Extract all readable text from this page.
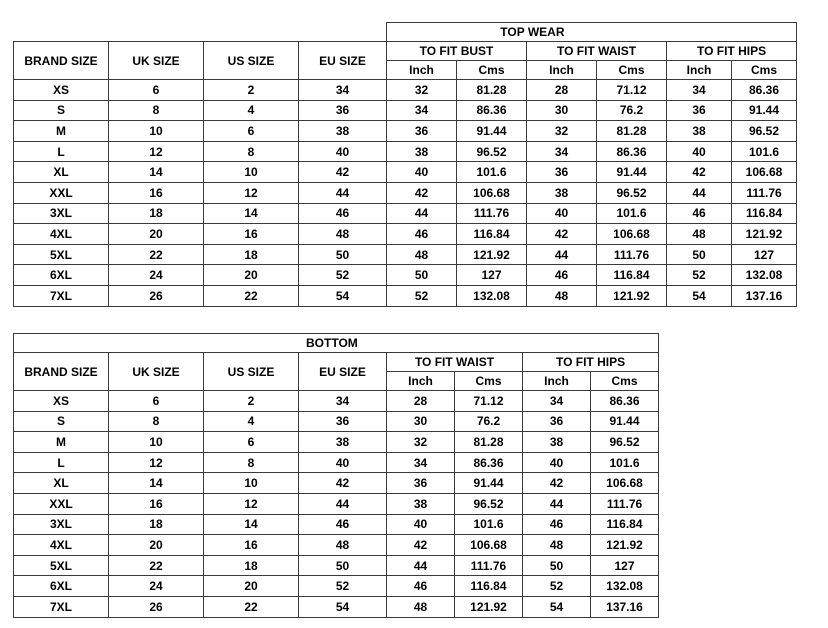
				TOP WEAR					
BRAND SIZE	UK SIZE	US SIZE	EU SIZE	TO FIT BUST		TO FIT WAIST		TO FIT HIPS	
				Inch	Cms	Inch	Cms	Inch	Cms
XS	6	2	34	32	81.28	28	71.12	34	86.36
S	8	4	36	34	86.36	30	76.2	36	91.44
M	10	6	38	36	91.44	32	81.28	38	96.52
L	12	8	40	38	96.52	34	86.36	40	101.6
XL	14	10	42	40	101.6	36	91.44	42	106.68
XXL	16	12	44	42	106.68	38	96.52	44	111.76
3XL	18	14	46	44	111.76	40	101.6	46	116.84
4XL	20	16	48	46	116.84	42	106.68	48	121.92
5XL	22	18	50	48	121.92	44	111.76	50	127
6XL	24	20	52	50	127	46	116.84	52	132.08
7XL	26	22	54	52	132.08	48	121.92	54	137.16
BOTTOM							
BRAND SIZE	UK SIZE	US SIZE	EU SIZE	TO FIT WAIST		TO FIT HIPS	
				Inch	Cms	Inch	Cms
XS	6	2	34	28	71.12	34	86.36
S	8	4	36	30	76.2	36	91.44
M	10	6	38	32	81.28	38	96.52
L	12	8	40	34	86.36	40	101.6
XL	14	10	42	36	91.44	42	106.68
XXL	16	12	44	38	96.52	44	111.76
3XL	18	14	46	40	101.6	46	116.84
4XL	20	16	48	42	106.68	48	121.92
5XL	22	18	50	44	111.76	50	127
6XL	24	20	52	46	116.84	52	132.08
7XL	26	22	54	48	121.92	54	137.16
